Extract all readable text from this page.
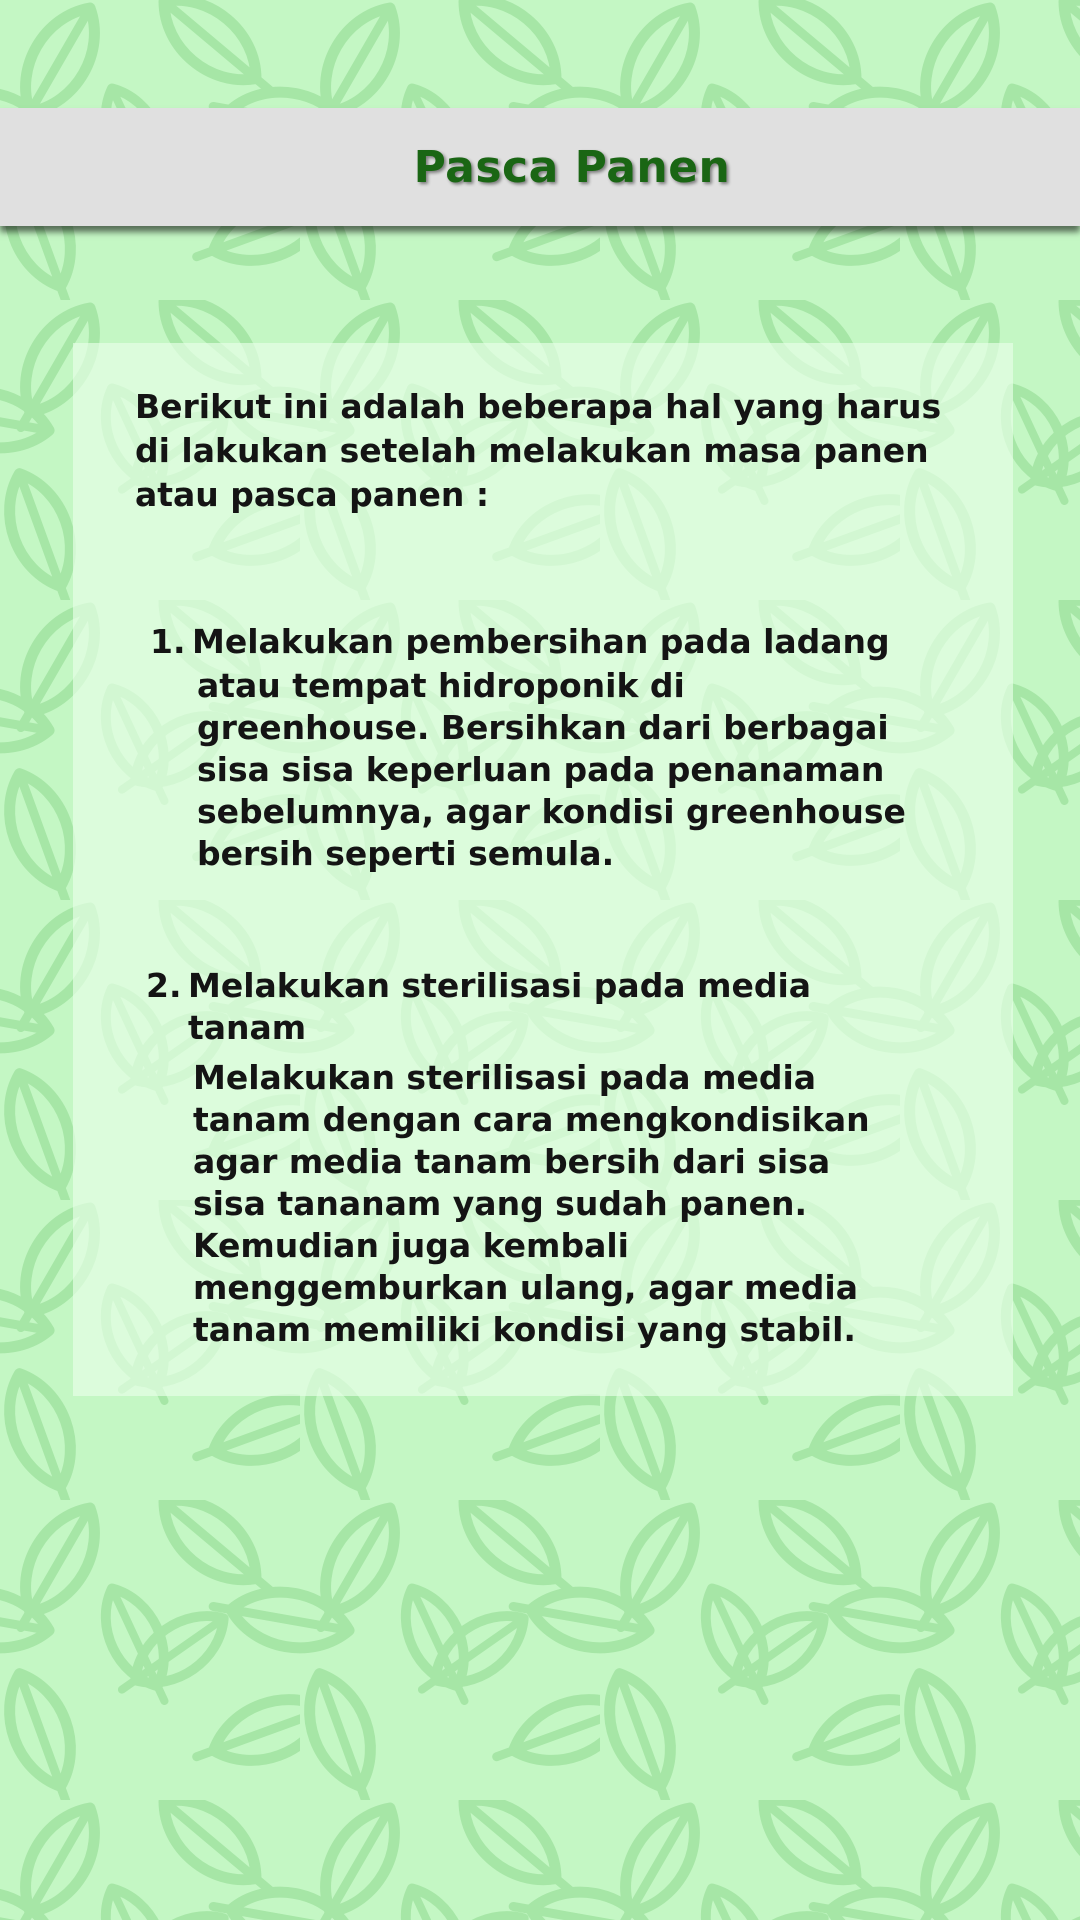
Pasca Panen

Berikut ini adalah beberapa hal yang harus di lakukan setelah melakukan masa panen atau pasca panen :

1. Melakukan pembersihan pada ladang
atau tempat hidroponik di greenhouse. Bersihkan dari berbagai sisa sisa keperluan pada penanaman sebelumnya, agar kondisi greenhouse bersih seperti semula.
2. Melakukan sterilisasi pada media tanam
Melakukan sterilisasi pada media tanam dengan cara mengkondisikan agar media tanam bersih dari sisa sisa tananam yang sudah panen. Kemudian juga kembali menggemburkan ulang, agar media tanam memiliki kondisi yang stabil.
